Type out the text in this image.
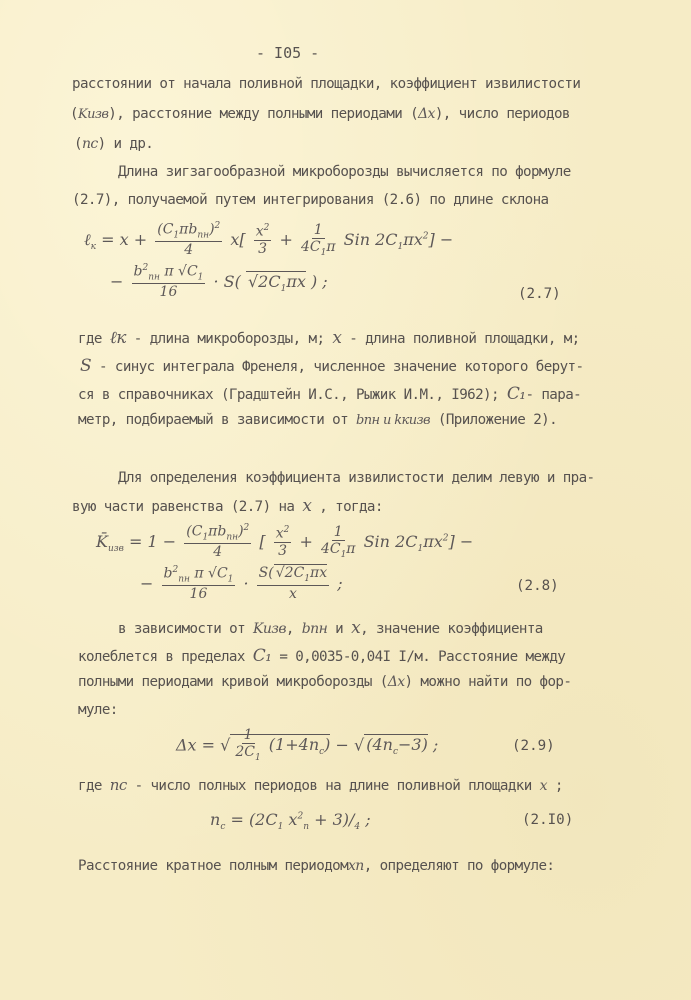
- I05 -
расстоянии от начала поливной площадки, коэффициент извилистости
(Kизв), расстояние между полными периодами (Δx), число периодов
(nc) и др.
Длина зигзагообразной микроборозды вычисляется по формуле
(2.7), получаемой путем интегрирования (2.6) по длине склона
ℓ$_к$ = $x + \frac{(C_1\pi b_{пн})^2}{4} x[ \frac{x^2}{3} + \frac{1}{4C_1\pi}$ Sin $2C_1\pi x^2$] −
− $\frac{b^2_{пн} \pi √C_1}{16} \cdot S$( $√2C_1\pi x$ ) ;
(2.7)
где ℓк - длина микроборозды, м; x - длина поливной площадки, м;
S - синус интеграла Френеля, численное значение которого берут-
ся в справочниках (Градштейн И.С., Рыжик И.М., I962); C₁- пара-
метр, подбираемый в зависимости от bпн и kкизв (Приложение 2).
Для определения коэффициента извилистости делим левую и пра-
вую части равенства (2.7) на x , тогда:
$K̄_{изв} = 1 - \frac{(C_1\pi b_{пн})^2}{4}$ [ $\frac{x^2}{3} + \frac{1}{4C_1\pi}$ Sin $2C_1\pi x^2$] −
− $\frac{b^2_{пн} \pi √C_1}{16} \cdot \frac{S( √2C_1\pi x}{x}$ ;	(2.8)
в зависимости от Kизв, bпн и x, значение коэффициента
колеблется в пределах C₁ = 0,0035-0,04I I/м. Расстояние между
полными периодами кривой микроборозды (Δx) можно найти по фор-
муле:
Δx = √ $\frac{1}{2C_1} (1+4n_c)$ − √ $(4n_c-3)$ ;	(2.9)
где nc - число полных периодов на длине поливной площадки x ;
$n_c = (2C_1$ $x^2_n + 3)/_4$ ;	(2.I0)
Расстояние кратное полным периодомxn, определяют по формуле:
